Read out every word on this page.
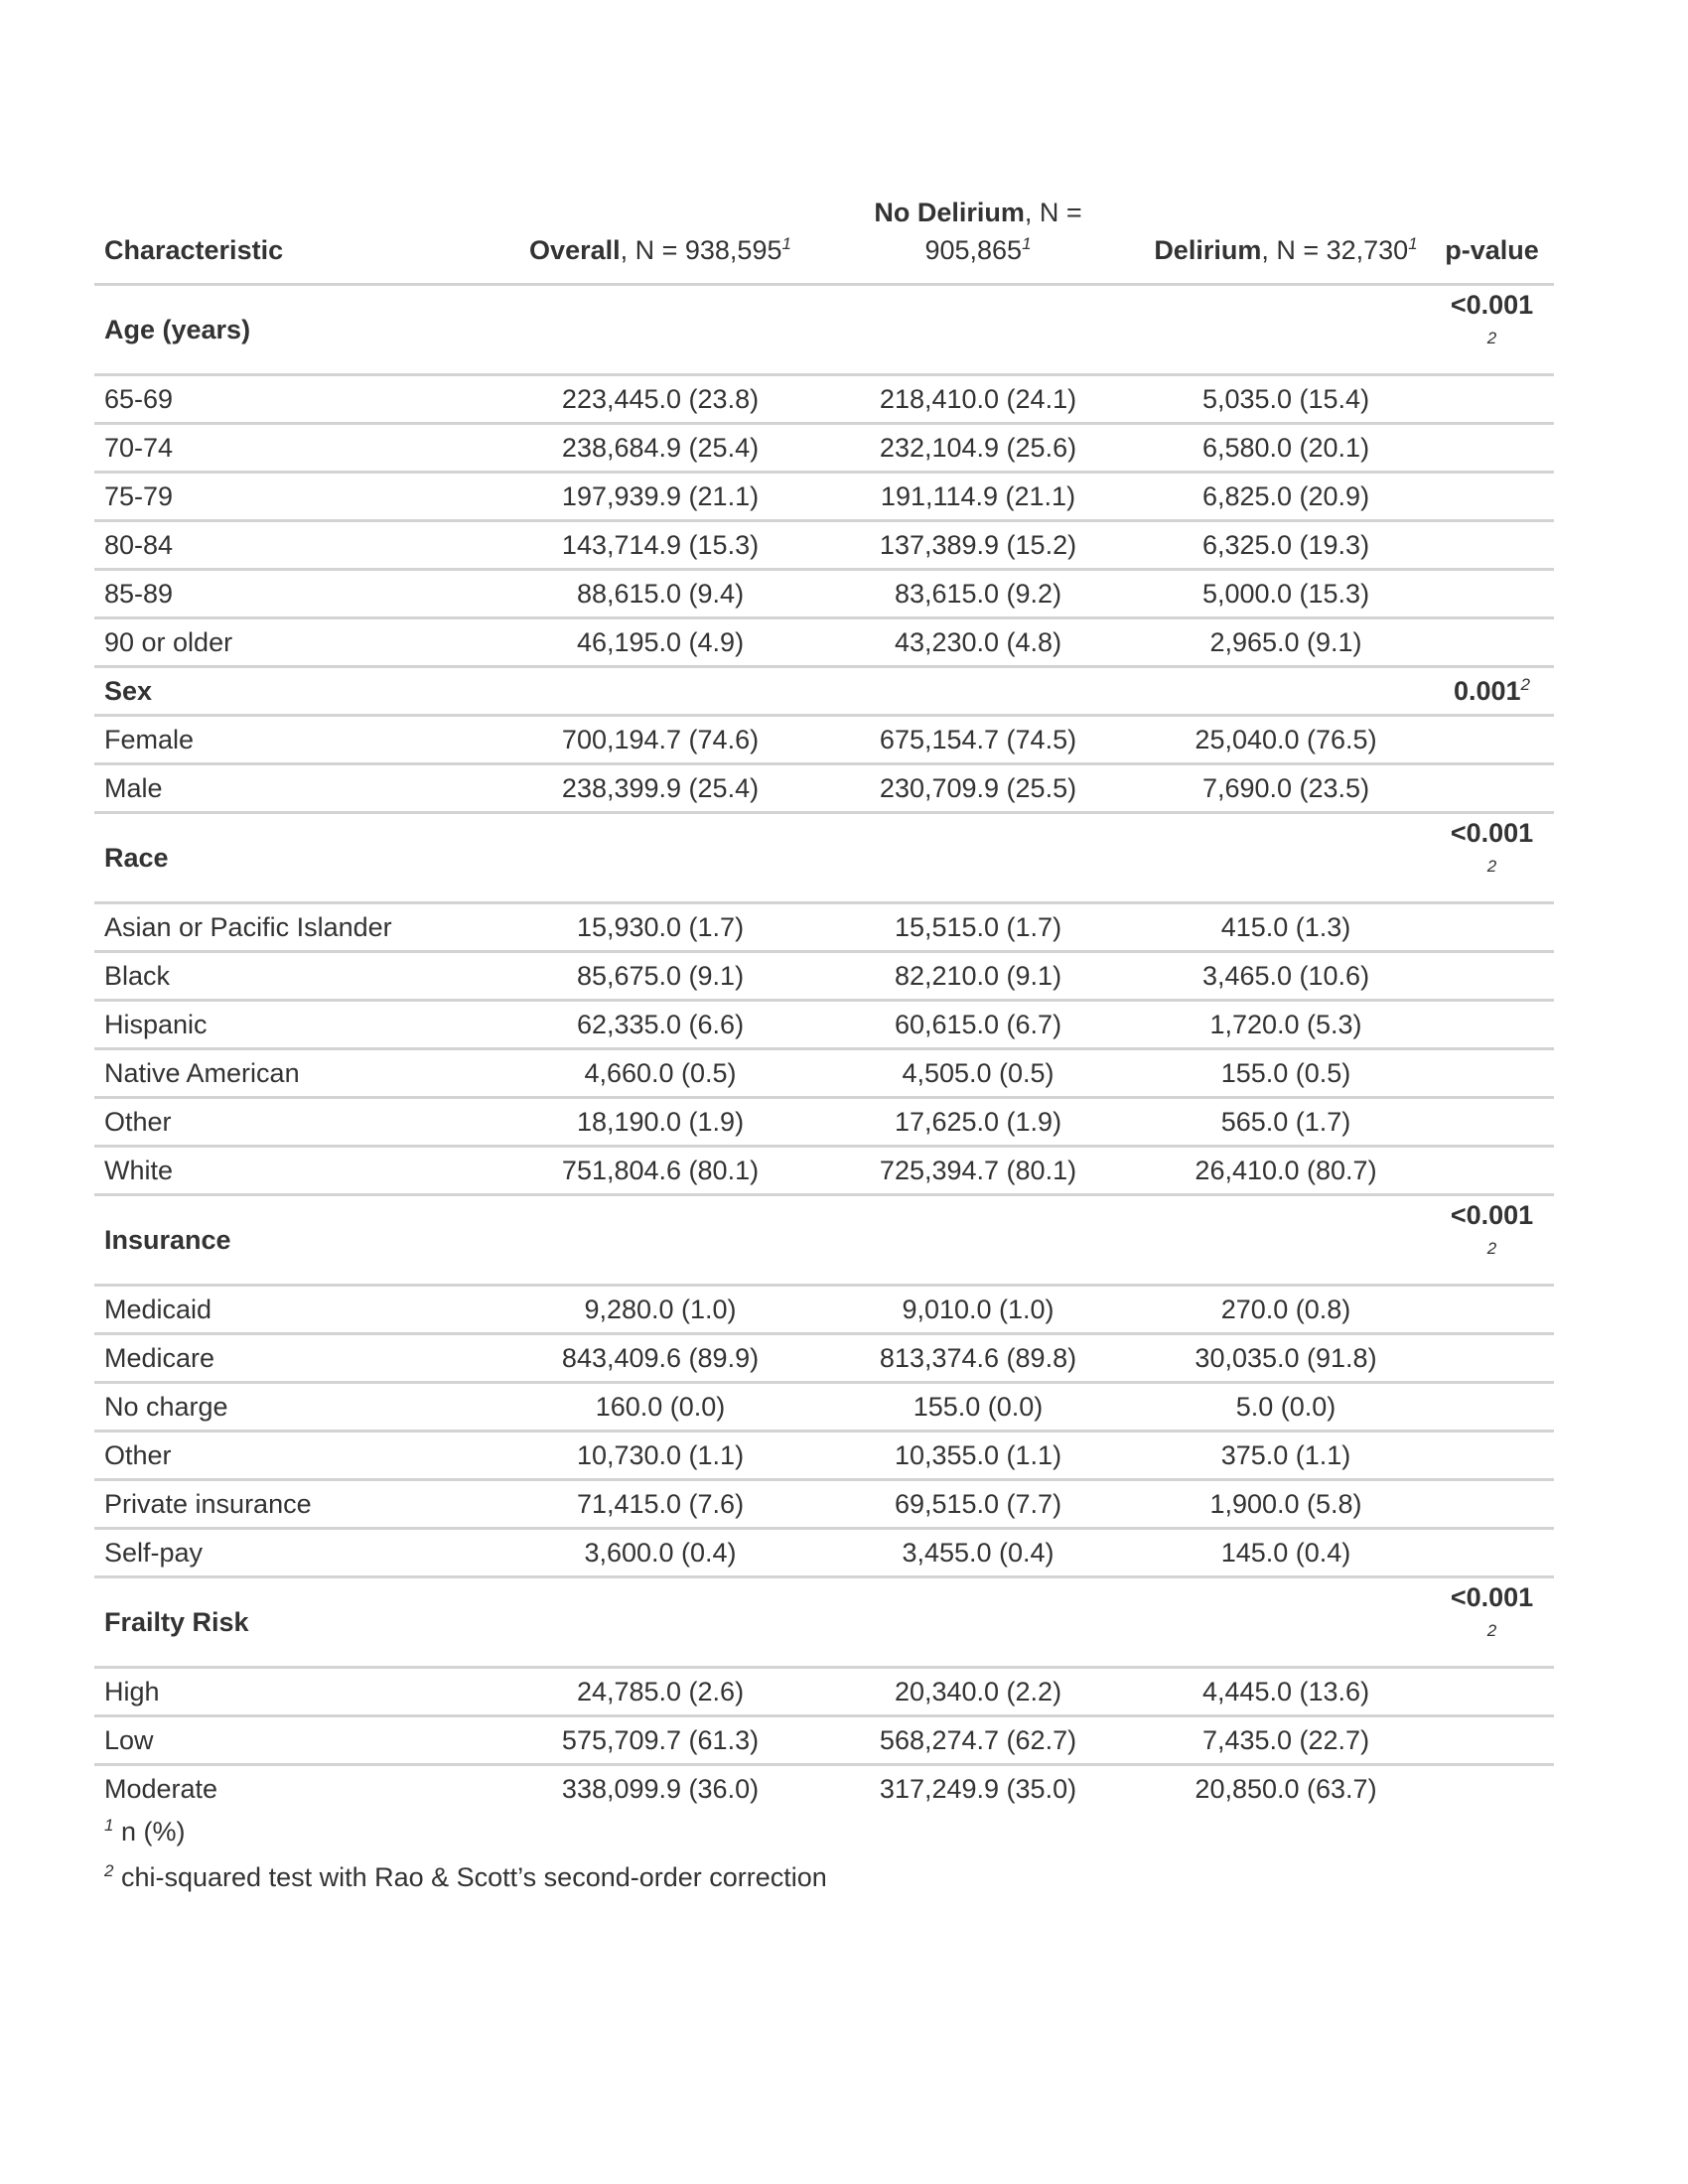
Characteristic	Overall, $N = 938,595^1$	No Delirium, $N = 905,865^1$	Delirium, $N = 32,730^1$	p-value
Age (years)				<0.001
2

65-69	223,445.0 (23.8)	218,410.0 (24.1)	5,035.0 (15.4)	
70-74	238,684.9 (25.4)	232,104.9 (25.6)	6,580.0 (20.1)	
75-79	197,939.9 (21.1)	191,114.9 (21.1)	6,825.0 (20.9)	
80-84	143,714.9 (15.3)	137,389.9 (15.2)	6,325.0 (19.3)	
85-89	88,615.0 (9.4)	83,615.0 (9.2)	5,000.0 (15.3)	
90 or older	46,195.0 (4.9)	43,230.0 (4.8)	2,965.0 (9.1)	
Sex				0.001$^2$
Female	700,194.7 (74.6)	675,154.7 (74.5)	25,040.0 (76.5)	
Male	238,399.9 (25.4)	230,709.9 (25.5)	7,690.0 (23.5)	
Race				<0.001
2

Asian or Pacific Islander	15,930.0 (1.7)	15,515.0 (1.7)	415.0 (1.3)	
Black	85,675.0 (9.1)	82,210.0 (9.1)	3,465.0 (10.6)	
Hispanic	62,335.0 (6.6)	60,615.0 (6.7)	1,720.0 (5.3)	
Native American	4,660.0 (0.5)	4,505.0 (0.5)	155.0 (0.5)	
Other	18,190.0 (1.9)	17,625.0 (1.9)	565.0 (1.7)	
White	751,804.6 (80.1)	725,394.7 (80.1)	26,410.0 (80.7)	
Insurance				<0.001
2

Medicaid	9,280.0 (1.0)	9,010.0 (1.0)	270.0 (0.8)	
Medicare	843,409.6 (89.9)	813,374.6 (89.8)	30,035.0 (91.8)	
No charge	160.0 (0.0)	155.0 (0.0)	5.0 (0.0)	
Other	10,730.0 (1.1)	10,355.0 (1.1)	375.0 (1.1)	
Private insurance	71,415.0 (7.6)	69,515.0 (7.7)	1,900.0 (5.8)	
Self-pay	3,600.0 (0.4)	3,455.0 (0.4)	145.0 (0.4)	
Frailty Risk				<0.001
2

High	24,785.0 (2.6)	20,340.0 (2.2)	4,445.0 (13.6)	
Low	575,709.7 (61.3)	568,274.7 (62.7)	7,435.0 (22.7)	
Moderate	338,099.9 (36.0)	317,249.9 (35.0)	20,850.0 (63.7)	
$^1$ n (%)
$^2$ chi-squared test with Rao & Scott’s second-order correction
